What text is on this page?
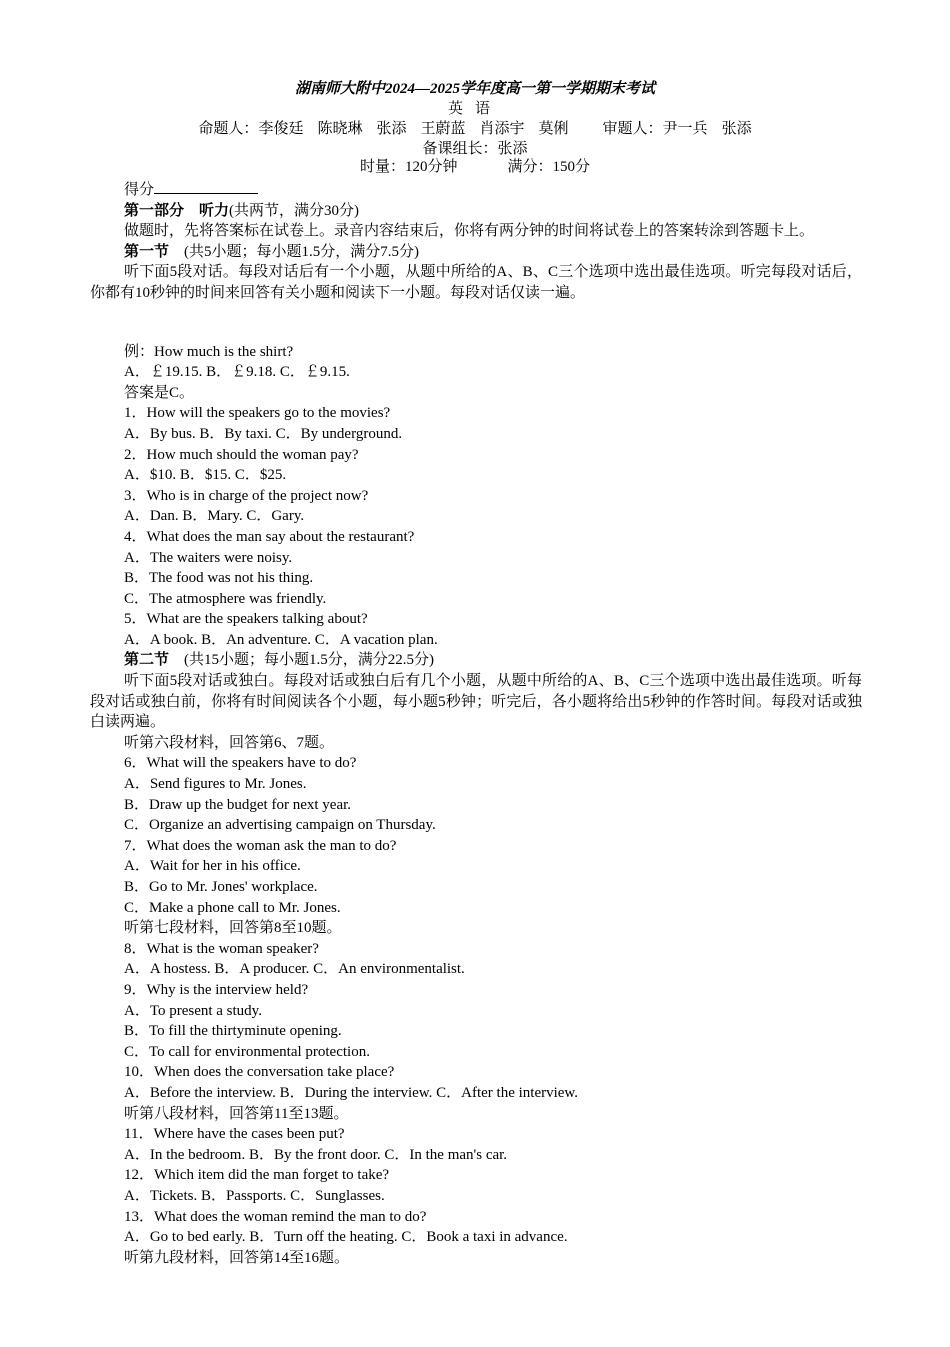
湖南师大附中2024—2025学年度高一第一学期期末考试
英语
命题人：李俊廷 陈晓琳 张添 王蔚蓝 肖添宇 莫俐 审题人：尹一兵 张添
备课组长：张添
时量：120分钟	满分：150分
得分
第一部分　听力(共两节，满分30分)
做题时，先将答案标在试卷上。录音内容结束后，你将有两分钟的时间将试卷上的答案转涂到答题卡上。
第一节　(共5小题；每小题1.5分，满分7.5分)
听下面5段对话。每段对话后有一个小题，从题中所给的A、B、C三个选项中选出最佳选项。听完每段对话后，你都有10秒钟的时间来回答有关小题和阅读下一小题。每段对话仅读一遍。
例：How much is the shirt?
A．￡19.15. B．￡9.18. C．￡9.15.
答案是C。
1．How will the speakers go to the movies?
A．By bus. B．By taxi. C．By underground.
2．How much should the woman pay?
A．$10. B．$15. C．$25.
3．Who is in charge of the project now?
A．Dan. B．Mary. C．Gary.
4．What does the man say about the restaurant?
A．The waiters were noisy.
B．The food was not his thing.
C．The atmosphere was friendly.
5．What are the speakers talking about?
A．A book. B．An adventure. C．A vacation plan.
第二节　(共15小题；每小题1.5分，满分22.5分)
听下面5段对话或独白。每段对话或独白后有几个小题，从题中所给的A、B、C三个选项中选出最佳选项。听每段对话或独白前，你将有时间阅读各个小题，每小题5秒钟；听完后，各小题将给出5秒钟的作答时间。每段对话或独白读两遍。
听第六段材料，回答第6、7题。
6．What will the speakers have to do?
A．Send figures to Mr. Jones.
B．Draw up the budget for next year.
C．Organize an advertising campaign on Thursday.
7．What does the woman ask the man to do?
A．Wait for her in his office.
B．Go to Mr. Jones' workplace.
C．Make a phone call to Mr. Jones.
听第七段材料，回答第8至10题。
8．What is the woman speaker?
A．A hostess. B．A producer. C．An environmentalist.
9．Why is the interview held?
A．To present a study.
B．To fill the thirtyminute opening.
C．To call for environmental protection.
10．When does the conversation take place?
A．Before the interview. B．During the interview. C．After the interview.
听第八段材料，回答第11至13题。
11．Where have the cases been put?
A．In the bedroom. B．By the front door. C．In the man's car.
12．Which item did the man forget to take?
A．Tickets. B．Passports. C．Sunglasses.
13．What does the woman remind the man to do?
A．Go to bed early. B．Turn off the heating. C．Book a taxi in advance.
听第九段材料，回答第14至16题。
